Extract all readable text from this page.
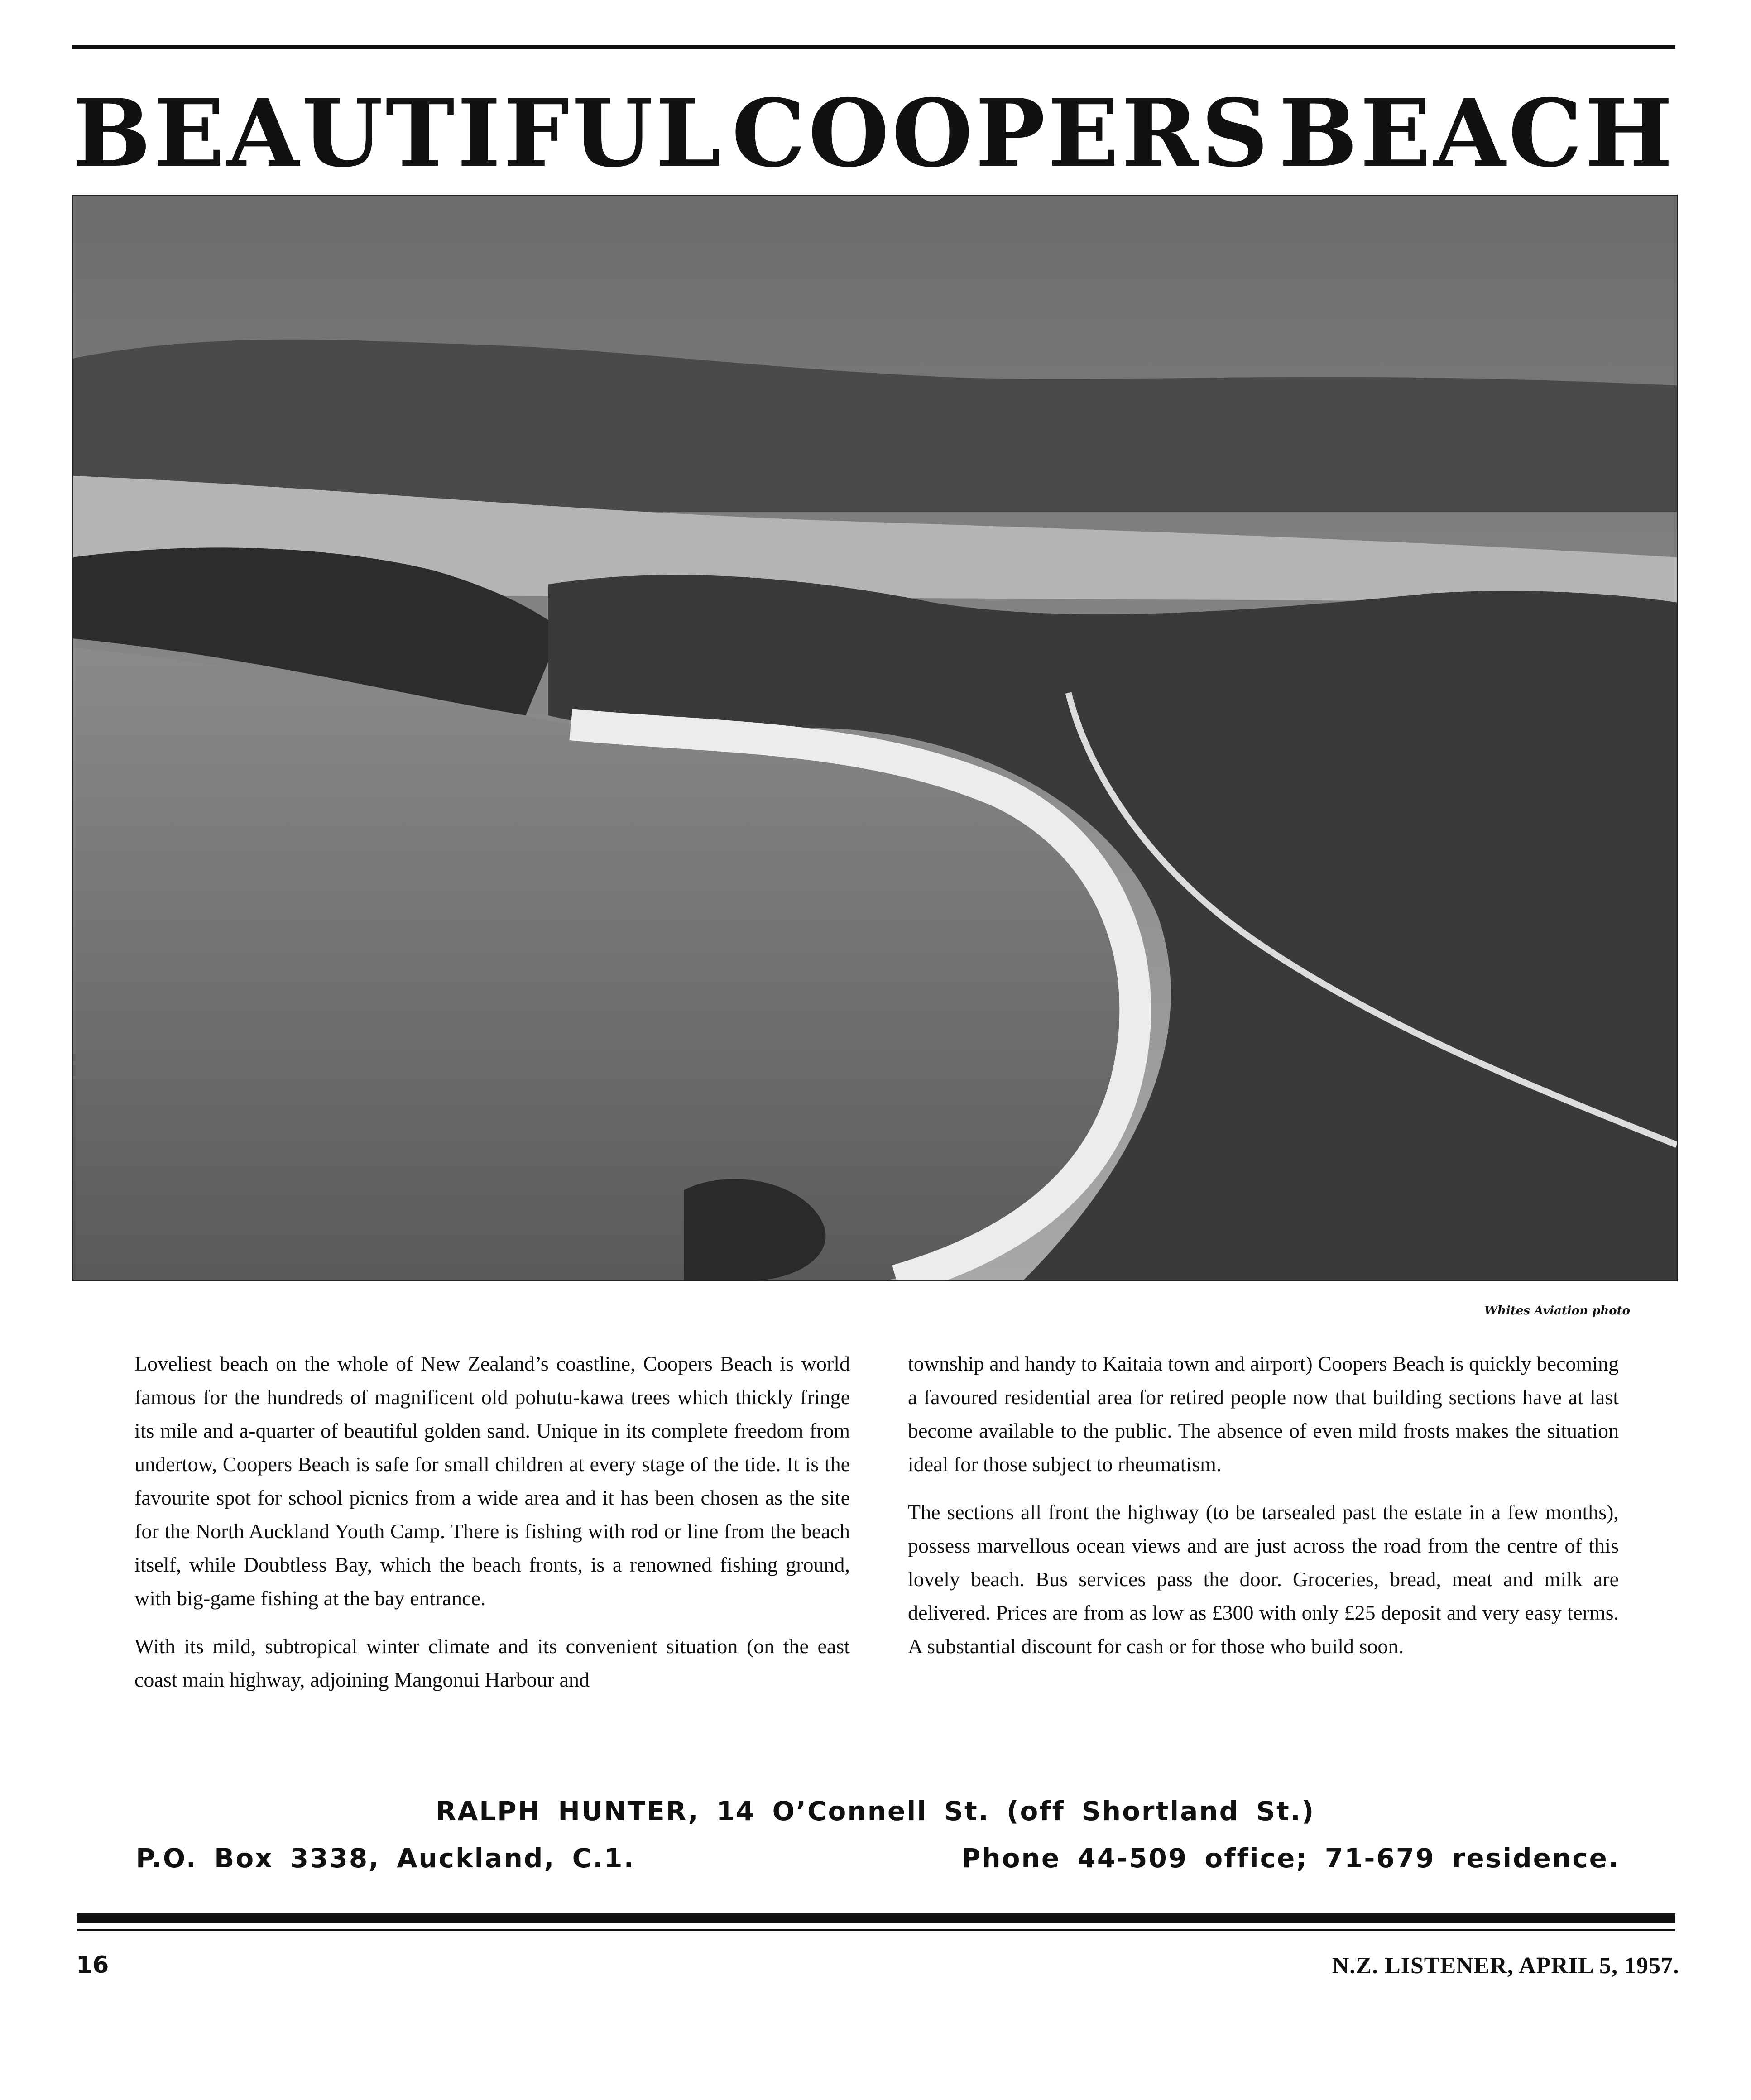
BEAUTIFUL COOPERS BEACH
Whites Aviation photo

Loveliest beach on the whole of New Zealand’s coastline, Coopers Beach is world famous for the hundreds of magnificent old pohutu-kawa trees which thickly fringe its mile and a-quarter of beautiful golden sand. Unique in its complete freedom from undertow, Coopers Beach is safe for small children at every stage of the tide. It is the favourite spot for school picnics from a wide area and it has been chosen as the site for the North Auckland Youth Camp. There is fishing with rod or line from the beach itself, while Doubtless Bay, which the beach fronts, is a renowned fishing ground, with big-game fishing at the bay entrance.

With its mild, subtropical winter climate and its convenient situation (on the east coast main highway, adjoining Mangonui Harbour and

township and handy to Kaitaia town and airport) Coopers Beach is quickly becoming a favoured residential area for retired people now that building sections have at last become available to the public. The absence of even mild frosts makes the situation ideal for those subject to rheumatism.

The sections all front the highway (to be tarsealed past the estate in a few months), possess marvellous ocean views and are just across the road from the centre of this lovely beach. Bus services pass the door. Groceries, bread, meat and milk are delivered. Prices are from as low as £300 with only £25 deposit and very easy terms. A substantial discount for cash or for those who build soon.

RALPH HUNTER, 14 O’Connell St. (off Shortland St.)
P.O. Box 3338, Auckland, C.1.	Phone 44-509 office; 71-679 residence.
16	N.Z. LISTENER, APRIL 5, 1957.
